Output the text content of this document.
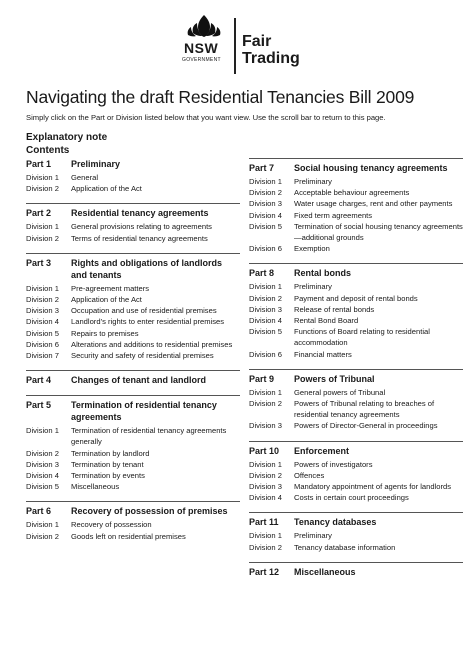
NSW
GOVERNMENT
Fair
Trading
Navigating the draft Residential Tenancies Bill 2009
Simply click on the Part or Division listed below that you want view. Use the scroll bar to return to this page.
Explanatory note
Contents
Part 1	Preliminary
Division 1	General
Division 2	Application of the Act
Part 2	Residential tenancy agreements
Division 1	General provisions relating to agreements
Division 2	Terms of residential tenancy agreements
Part 3	Rights and obligations of landlords and tenants
Division 1	Pre-agreement matters
Division 2	Application of the Act
Division 3	Occupation and use of residential premises
Division 4	Landlord’s rights to enter residential premises
Division 5	Repairs to premises
Division 6	Alterations and additions to residential premises
Division 7	Security and safety of residential premises
Part 4	Changes of tenant and landlord
Part 5	Termination of residential tenancy agreements
Division 1	Termination of residential tenancy agreements generally
Division 2	Termination by landlord
Division 3	Termination by tenant
Division 4	Termination by events
Division 5	Miscellaneous
Part 6	Recovery of possession of premises
Division 1	Recovery of possession
Division 2	Goods left on residential premises
Part 7	Social housing tenancy agreements
Division 1	Preliminary
Division 2	Acceptable behaviour agreements
Division 3	Water usage charges, rent and other payments
Division 4	Fixed term agreements
Division 5	Termination of social housing tenancy agreements—additional grounds
Division 6	Exemption
Part 8	Rental bonds
Division 1	Preliminary
Division 2	Payment and deposit of rental bonds
Division 3	Release of rental bonds
Division 4	Rental Bond Board
Division 5	Functions of Board relating to residential accommodation
Division 6	Financial matters
Part 9	Powers of Tribunal
Division 1	General powers of Tribunal
Division 2	Powers of Tribunal relating to breaches of residential tenancy agreements
Division 3	Powers of Director-General in proceedings
Part 10	Enforcement
Division 1	Powers of investigators
Division 2	Offences
Division 3	Mandatory appointment of agents for landlords
Division 4	Costs in certain court proceedings
Part 11	Tenancy databases
Division 1	Preliminary
Division 2	Tenancy database information
Part 12	Miscellaneous
